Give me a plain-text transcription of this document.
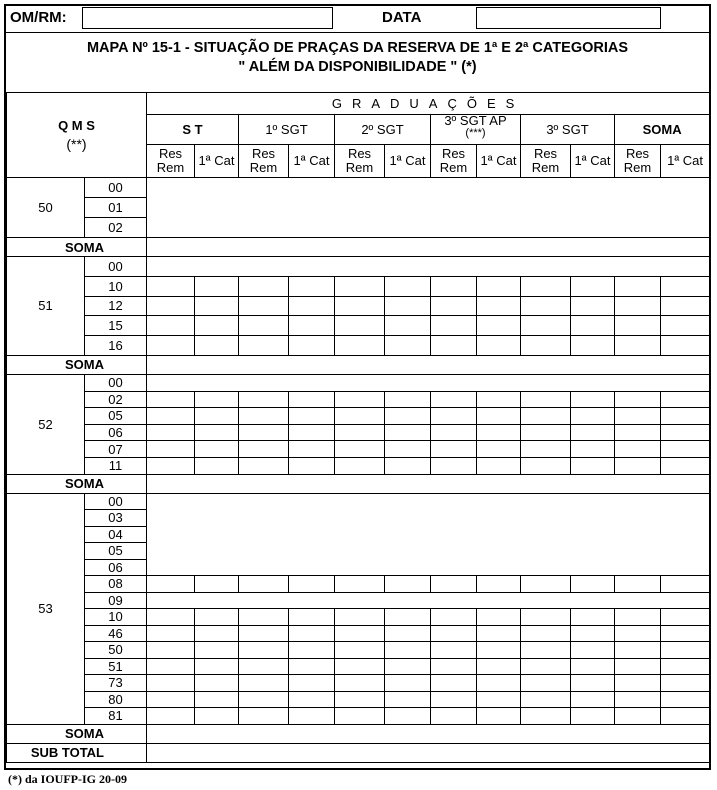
OM/RM:	DATA
MAPA Nº 15-1 - SITUAÇÃO DE PRAÇAS DA RESERVA DE 1ª E 2ª CATEGORIAS
" ALÉM DA DISPONIBILIDADE " (*)
Q M S
(**)		GRADUAÇÕES											
		S T		1º SGT		2º SGT		3º SGT AP
(***)		3º SGT		SOMA	
		Res Rem	1ª Cat	Res Rem	1ª Cat	Res Rem	1ª Cat	Res Rem	1ª Cat	Res Rem	1ª Cat	Res Rem	1ª Cat
50	00												
	01												
	02												
SOMA													
51	00												
	10												
	12												
	15												
	16												
SOMA													
52	00												
	02												
	05												
	06												
	07												
	11												
SOMA													
53	00												
	03												
	04												
	05												
	06												
	08												
	09												
	10												
	46												
	50												
	51												
	73												
	80												
	81												
SOMA													
SUB TOTAL													
(*) da IOUFP-IG 20-09
